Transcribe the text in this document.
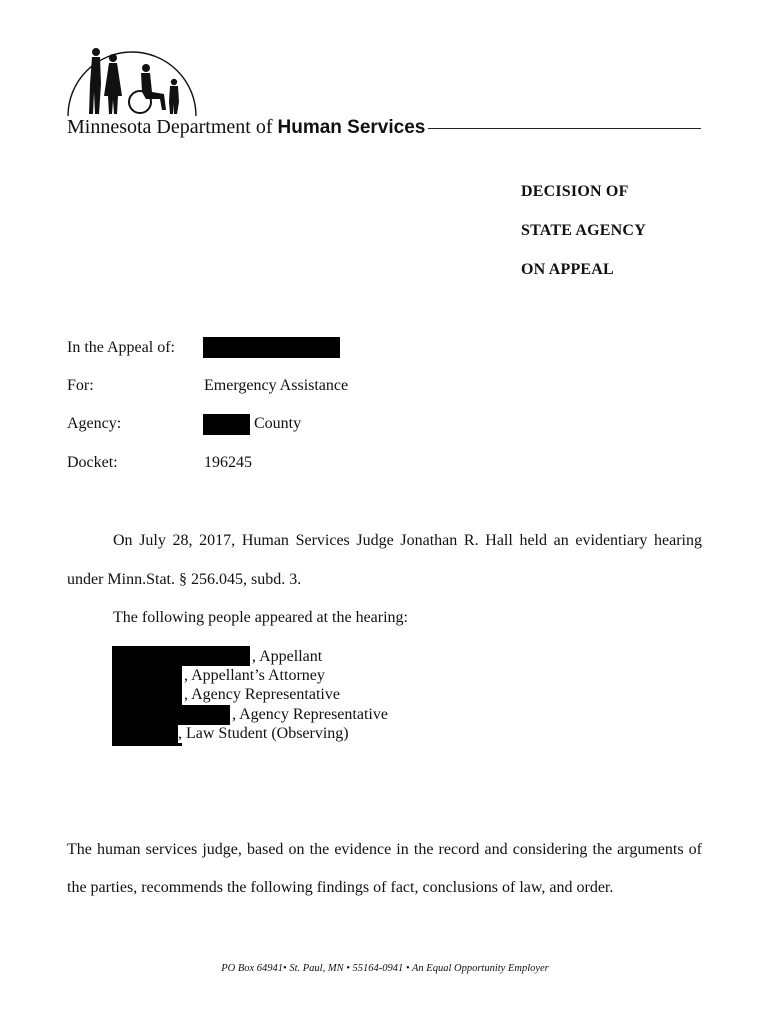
Minnesota Department of Human Services
DECISION OF
STATE AGENCY
ON APPEAL
In the Appeal of:
For:	Emergency Assistance
Agency:	County
Docket:	196245
On July 28, 2017, Human Services Judge Jonathan R. Hall held an evidentiary hearing
under Minn.Stat. § 256.045, subd. 3.
The following people appeared at the hearing:
, Appellant
, Appellant’s Attorney
, Agency Representative
, Agency Representative
, Law Student (Observing)
The human services judge, based on the evidence in the record and considering the arguments of
the parties, recommends the following findings of fact, conclusions of law, and order.
PO Box 64941• St. Paul, MN • 55164-0941 • An Equal Opportunity Employer
